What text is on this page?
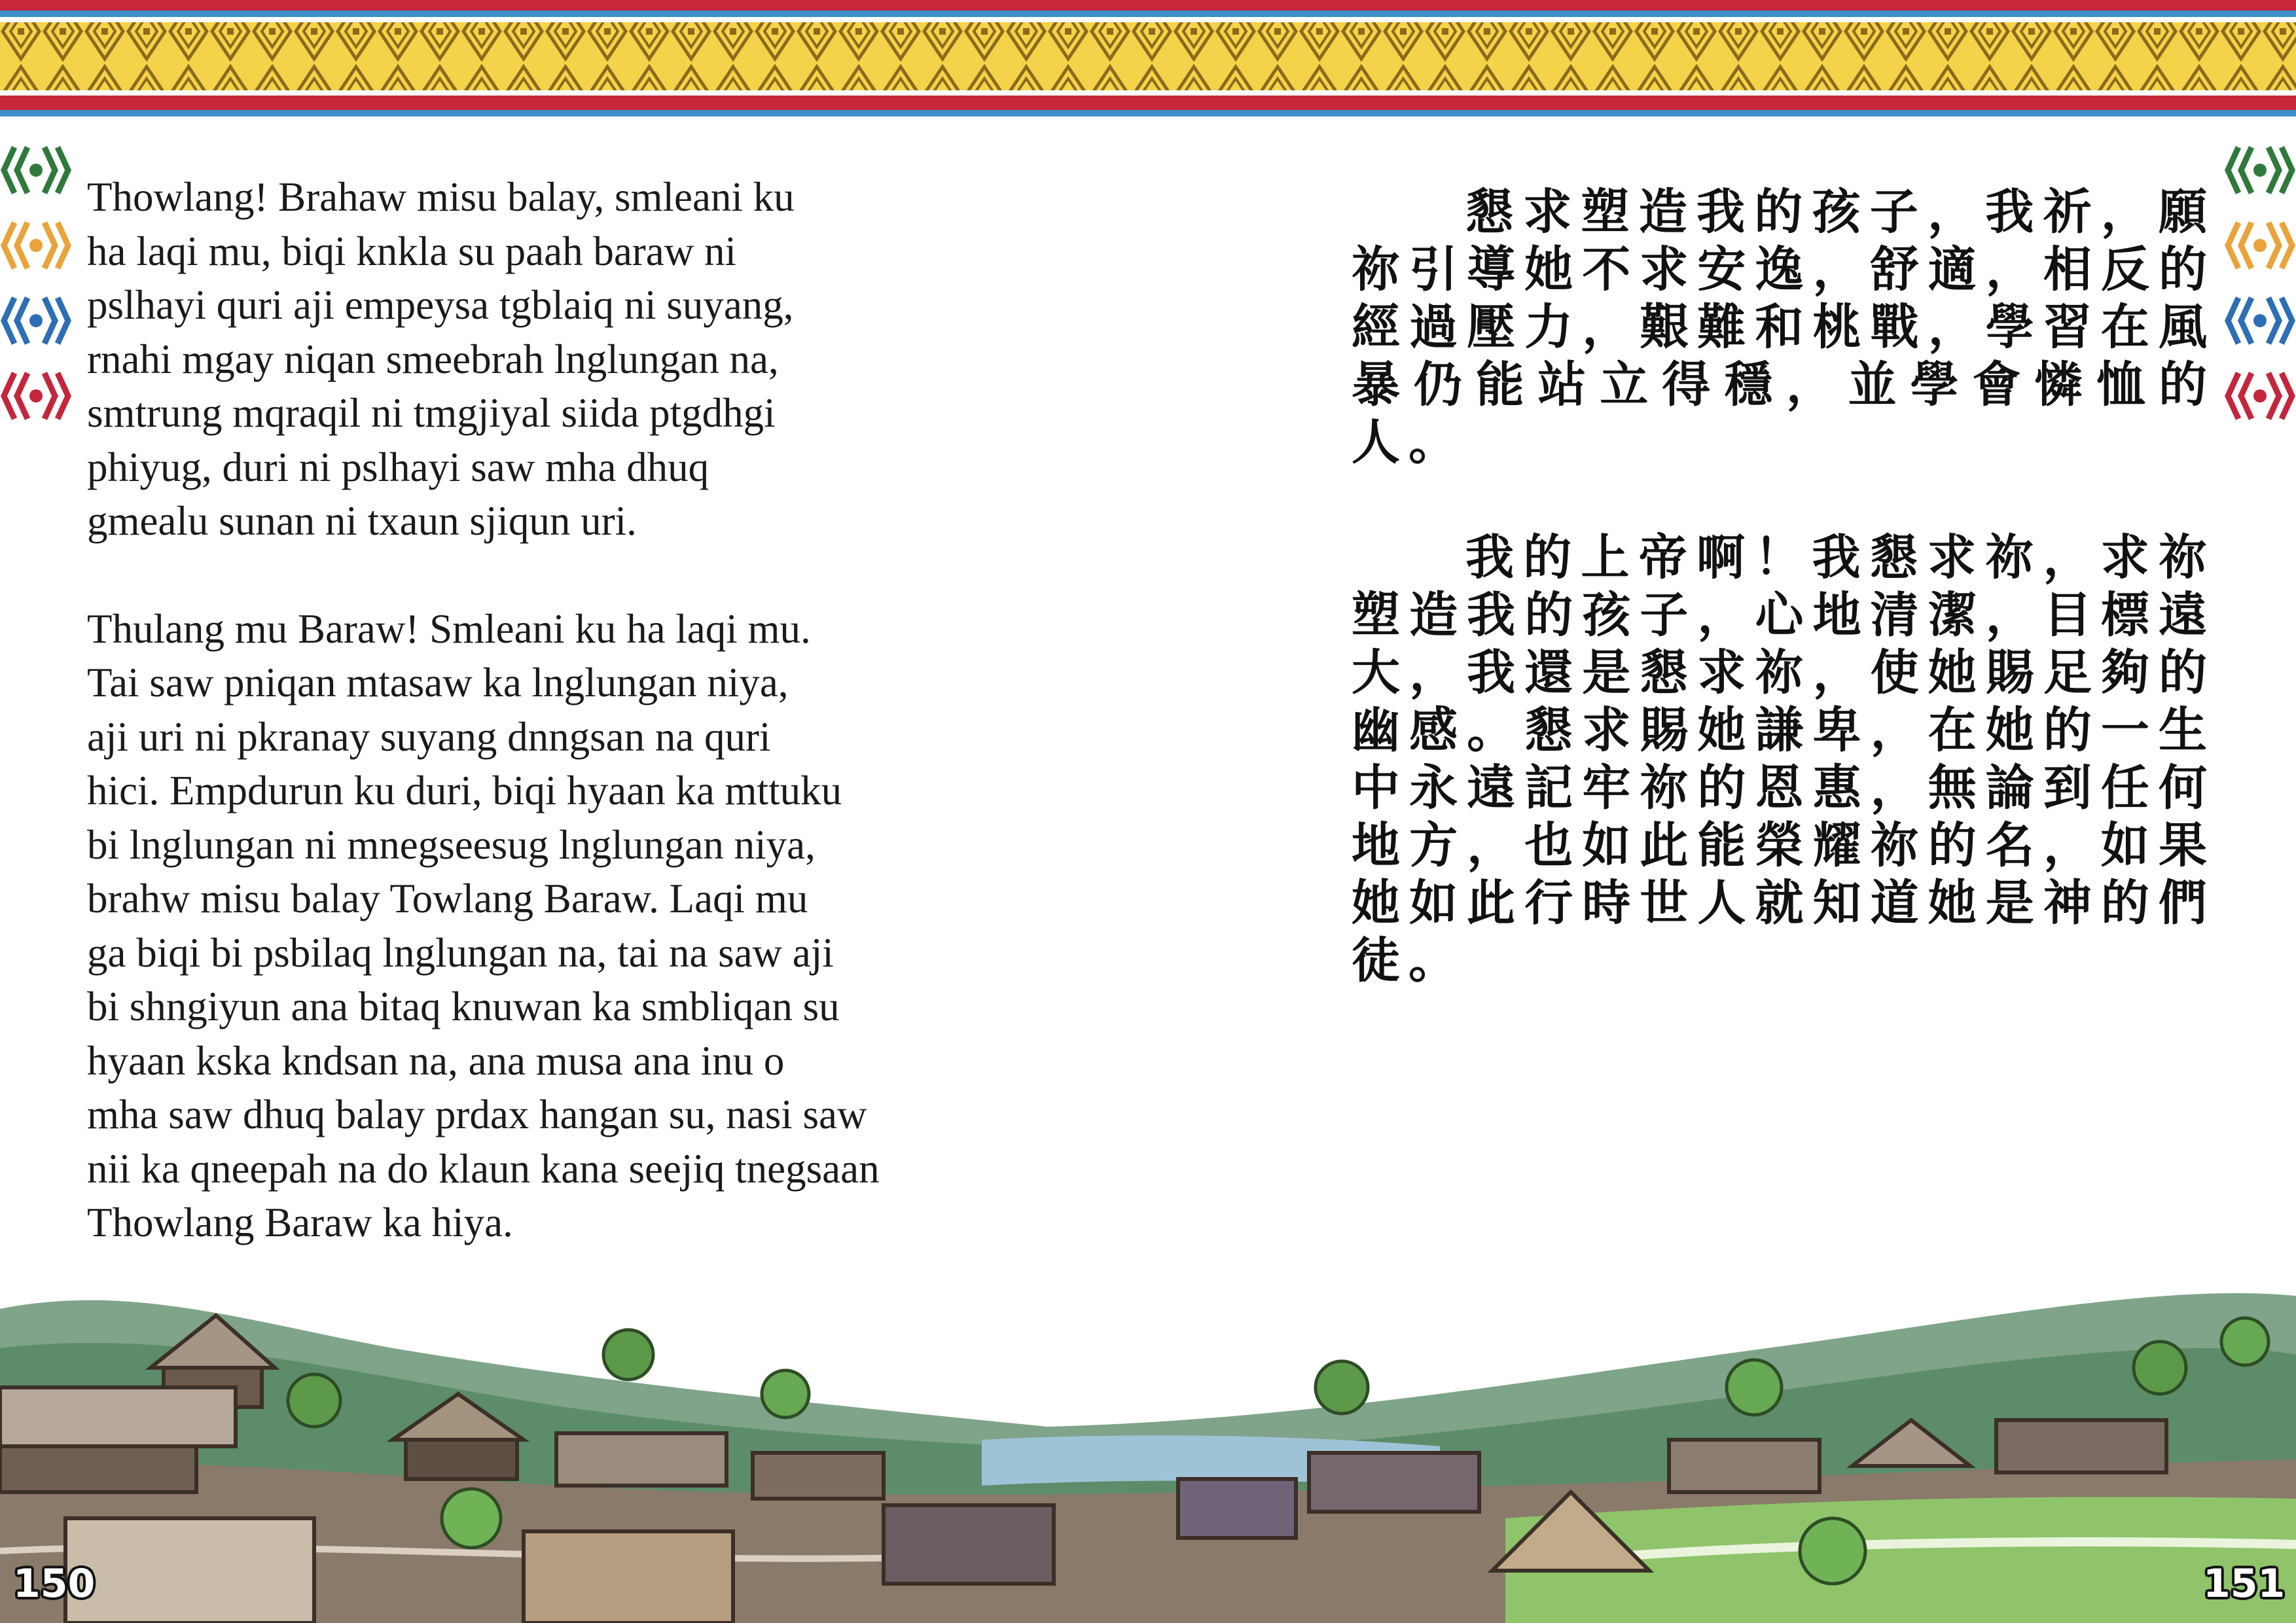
Thowlang! Brahaw misu balay, smleani ku
ha laqi mu, biqi knkla su paah baraw ni
pslhayi quri aji empeysa tgblaiq ni suyang,
rnahi mgay niqan smeebrah lnglungan na,
smtrung mqraqil ni tmgjiyal siida ptgdhgi
phiyug, duri ni pslhayi saw mha dhuq
gmealu sunan ni txaun sjiqun uri.

Thulang mu Baraw! Smleani ku ha laqi mu.
Tai saw pniqan mtasaw ka lnglungan niya,
aji uri ni pkranay suyang dnngsan na quri
hici. Empdurun ku duri, biqi hyaan ka mttuku
bi lnglungan ni mnegseesug lnglungan niya,
brahw misu balay Towlang Baraw. Laqi mu
ga biqi bi psbilaq lnglungan na, tai na saw aji
bi shngiyun ana bitaq knuwan ka smbliqan su
hyaan kska kndsan na, ana musa ana inu o
mha saw dhuq balay prdax hangan su, nasi saw
nii ka qneepah na do klaun kana seejiq tnegsaan
Thowlang Baraw ka hiya.

懇求塑造我的孩子，我祈，願祢引導她不求安逸，舒適，相反的經過壓力，艱難和桃戰，學習在風暴仍能站立得穩，並學會憐恤的人。

我的上帝啊！我懇求祢，求祢塑造我的孩子，心地清潔，目標遠大，我還是懇求祢，使她賜足夠的幽感。懇求賜她謙卑，在她的一生中永遠記牢祢的恩惠，無論到任何地方，也如此能榮耀祢的名，如果她如此行時世人就知道她是神的們徒。

150	151
